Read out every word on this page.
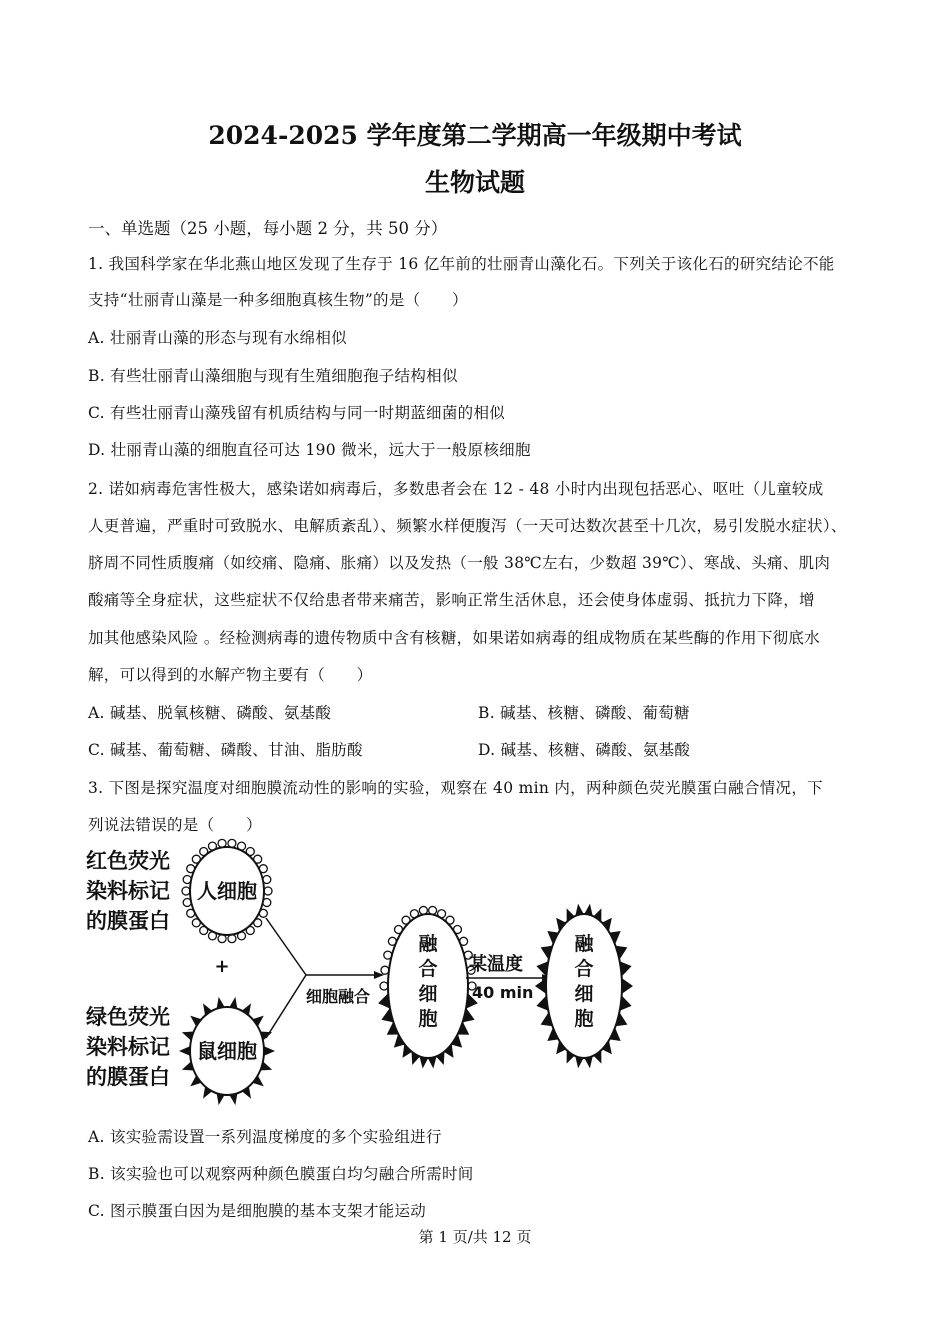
2024-2025 学年度第二学期高一年级期中考试
生物试题
一、单选题（25 小题，每小题 2 分，共 50 分）
1. 我国科学家在华北燕山地区发现了生存于 16 亿年前的壮丽青山藻化石。下列关于该化石的研究结论不能
支持“壮丽青山藻是一种多细胞真核生物”的是（　　）
A. 壮丽青山藻的形态与现有水绵相似
B. 有些壮丽青山藻细胞与现有生殖细胞孢子结构相似
C. 有些壮丽青山藻残留有机质结构与同一时期蓝细菌的相似
D. 壮丽青山藻的细胞直径可达 190 微米，远大于一般原核细胞
2. 诺如病毒危害性极大，感染诺如病毒后，多数患者会在 12 - 48 小时内出现包括恶心、呕吐（儿童较成
人更普遍，严重时可致脱水、电解质紊乱）、频繁水样便腹泻（一天可达数次甚至十几次，易引发脱水症状）、
脐周不同性质腹痛（如绞痛、隐痛、胀痛）以及发热（一般 38℃左右，少数超 39℃）、寒战、头痛、肌肉
酸痛等全身症状，这些症状不仅给患者带来痛苦，影响正常生活休息，还会使身体虚弱、抵抗力下降，增
加其他感染风险 。经检测病毒的遗传物质中含有核糖，如果诺如病毒的组成物质在某些酶的作用下彻底水
解，可以得到的水解产物主要有（　　）
A. 碱基、脱氧核糖、磷酸、氨基酸	B. 碱基、核糖、磷酸、葡萄糖
C. 碱基、葡萄糖、磷酸、甘油、脂肪酸	D. 碱基、核糖、磷酸、氨基酸
3. 下图是探究温度对细胞膜流动性的影响的实验，观察在 40 min 内，两种颜色荧光膜蛋白融合情况，下
列说法错误的是（　　）
红色荧光
染料标记
的膜蛋白
绿色荧光
染料标记
的膜蛋白
人细胞
+
鼠细胞
细胞融合
融
合
细
胞
某温度
40 min
融
合
细
胞
A. 该实验需设置一系列温度梯度的多个实验组进行
B. 该实验也可以观察两种颜色膜蛋白均匀融合所需时间
C. 图示膜蛋白因为是细胞膜的基本支架才能运动
第 1 页/共 12 页
